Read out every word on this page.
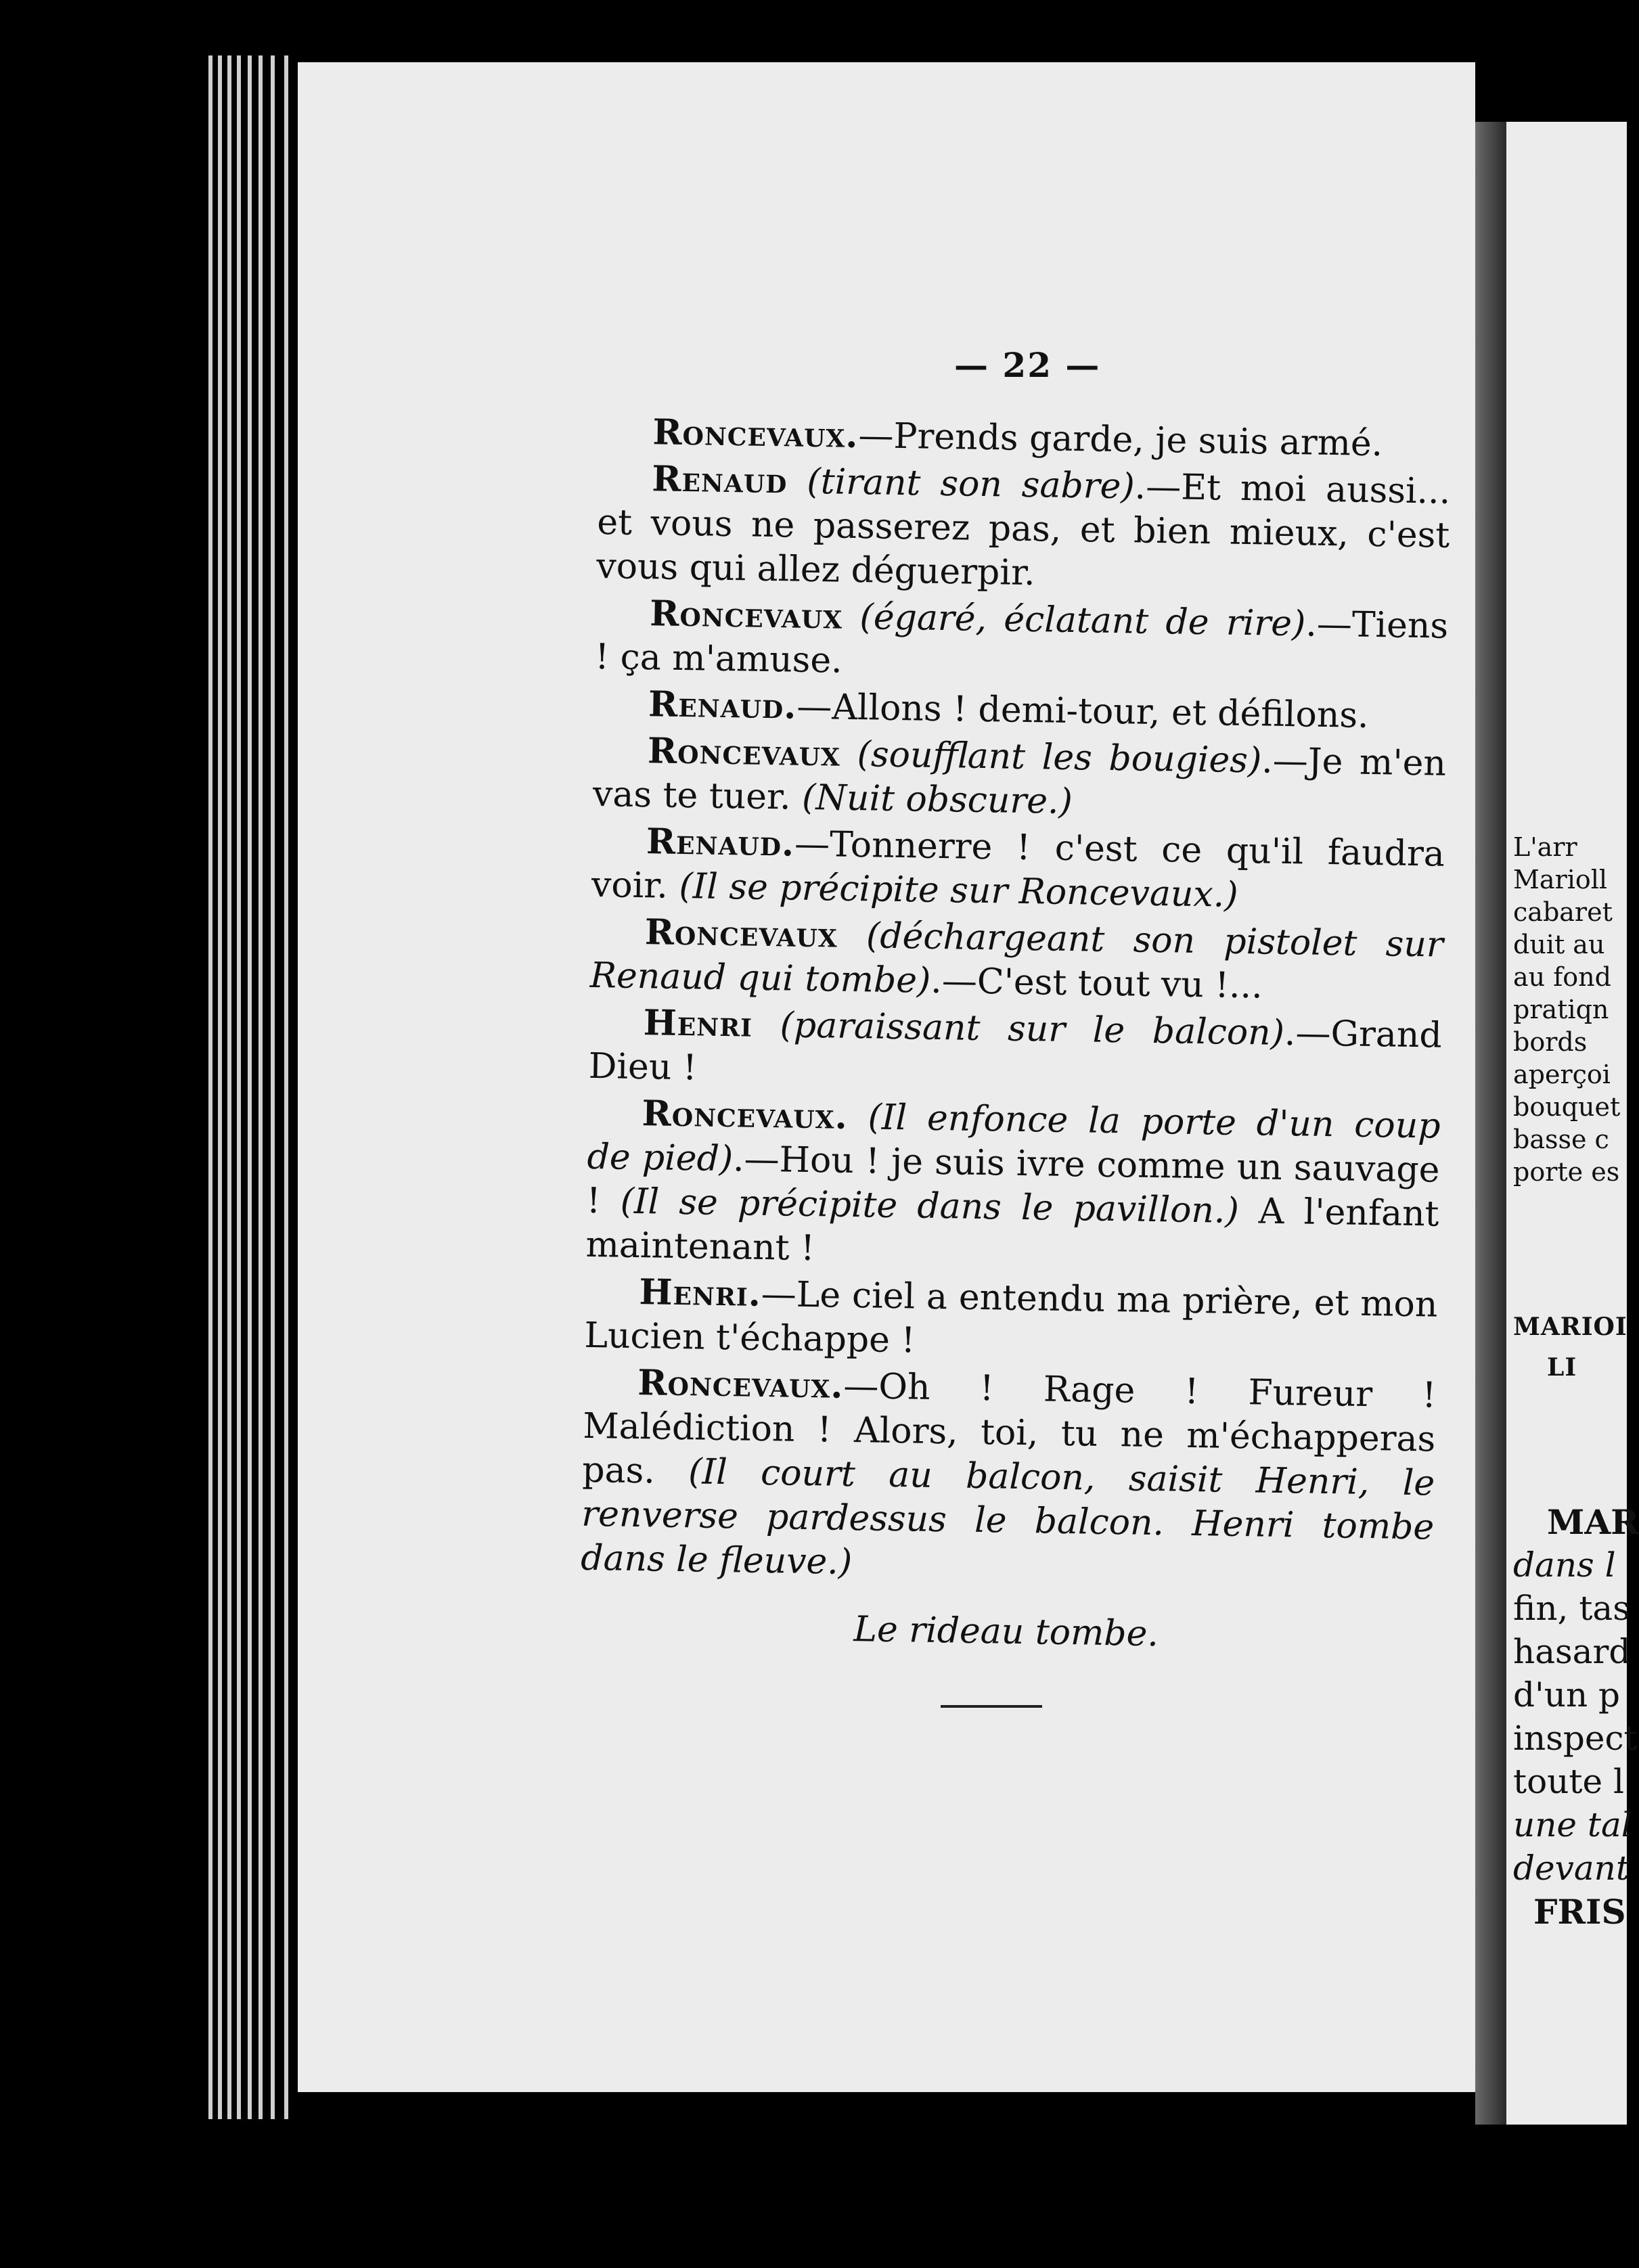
— 22 —

Roncevaux.—Prends garde, je suis armé.

Renaud (tirant son sabre).—Et moi aussi... et vous ne passerez pas, et bien mieux, c'est vous qui allez déguerpir.

Roncevaux (égaré, éclatant de rire).—Tiens ! ça m'amuse.

Renaud.—Allons ! demi-tour, et défilons.

Roncevaux (soufflant les bougies).—Je m'en vas te tuer. (Nuit obscure.)

Renaud.—Tonnerre ! c'est ce qu'il faudra voir. (Il se précipite sur Roncevaux.)

Roncevaux (déchargeant son pistolet sur Renaud qui tombe).—C'est tout vu !...

Henri (paraissant sur le balcon).—Grand Dieu !

Roncevaux. (Il enfonce la porte d'un coup de pied).—Hou ! je suis ivre comme un sauvage ! (Il se précipite dans le pavillon.) A l'enfant maintenant !

Henri.—Le ciel a entendu ma prière, et mon Lucien t'échappe !

Roncevaux.—Oh ! Rage ! Fureur ! Malédiction ! Alors, toi, tu ne m'échapperas pas. (Il court au balcon, saisit Henri, le renverse pardessus le balcon. Henri tombe dans le fleuve.)

Le rideau tombe.

L'arr
Marioll
cabaret
duit au
au fond
pratiqn
bords
aperçoi
bouquet
basse c
porte es
MARIOI
LI
MAR
dans l
fin, tas
hasard
d'un p
inspect
toute l
une tal
devant
FRIS
